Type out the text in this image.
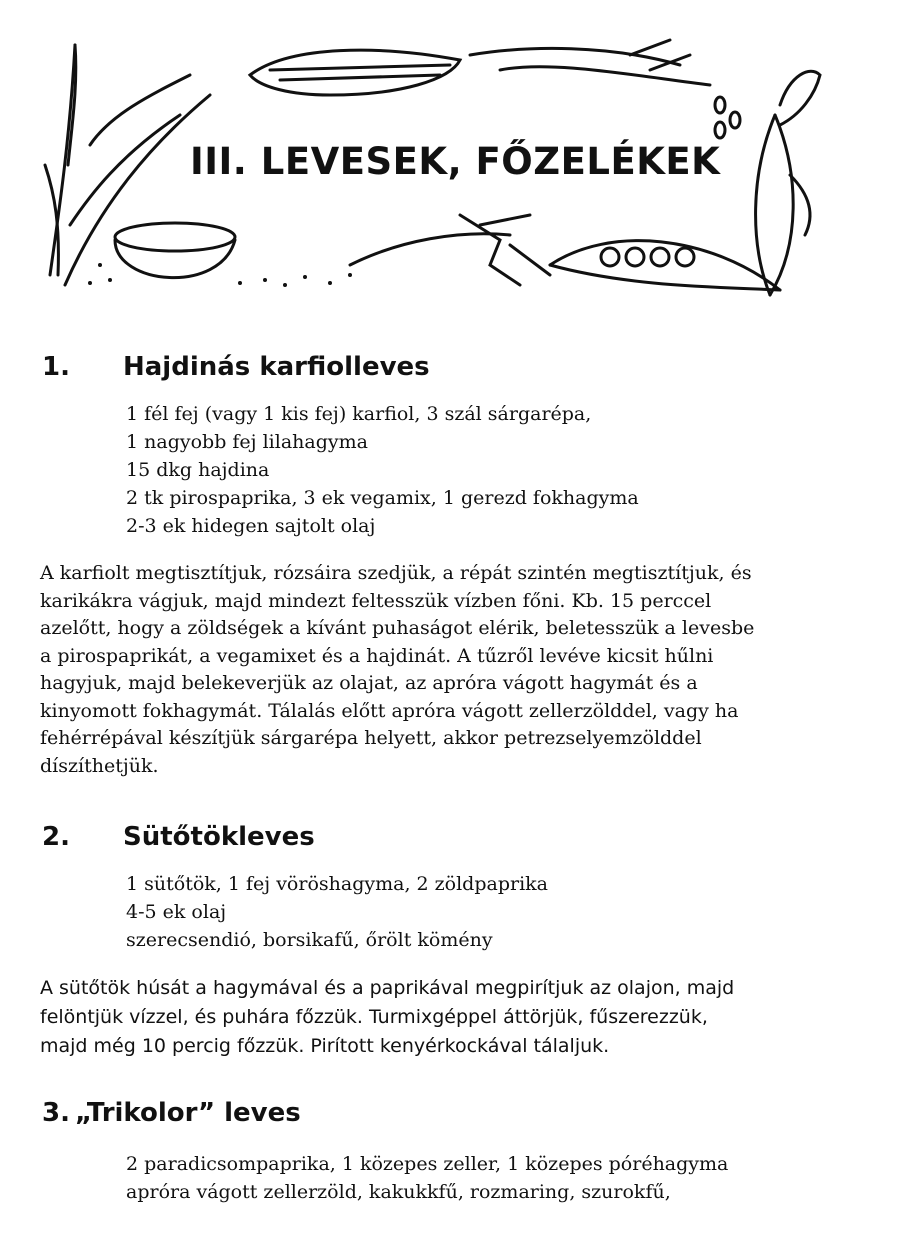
III. LEVESEK, FŐZELÉKEK
1. Hajdinás karfiolleves
1 fél fej (vagy 1 kis fej) karfiol, 3 szál sárgarépa,
1 nagyobb fej lilahagyma
15 dkg hajdina
2 tk pirospaprika, 3 ek vegamix, 1 gerezd fokhagyma
2-3 ek hidegen sajtolt olaj

A karfiolt megtisztítjuk, rózsáira szedjük, a répát szintén megtisztítjuk, és

karikákra vágjuk, majd mindezt feltesszük vízben főni. Kb. 15 perccel

azelőtt, hogy a zöldségek a kívánt puhaságot elérik, beletesszük a levesbe

a pirospaprikát, a vegamixet és a hajdinát. A tűzről levéve kicsit hűlni

hagyjuk, majd belekeverjük az olajat, az apróra vágott hagymát és a

kinyomott fokhagymát. Tálalás előtt apróra vágott zellerzölddel, vagy ha

fehérrépával készítjük sárgarépa helyett, akkor petrezselyemzölddel

díszíthetjük.

2. Sütőtökleves
1 sütőtök, 1 fej vöröshagyma, 2 zöldpaprika
4-5 ek olaj
szerecsendió, borsikafű, őrölt kömény

A sütőtök húsát a hagymával és a paprikával megpirítjuk az olajon, majd

felöntjük vízzel, és puhára főzzük. Turmixgéppel áttörjük, fűszerezzük,

majd még 10 percig főzzük. Pirított kenyérkockával tálaljuk.

3. „Trikolor” leves
2 paradicsompaprika, 1 közepes zeller, 1 közepes póréhagyma
apróra vágott zellerzöld, kakukkfű, rozmaring, szurokfű,
